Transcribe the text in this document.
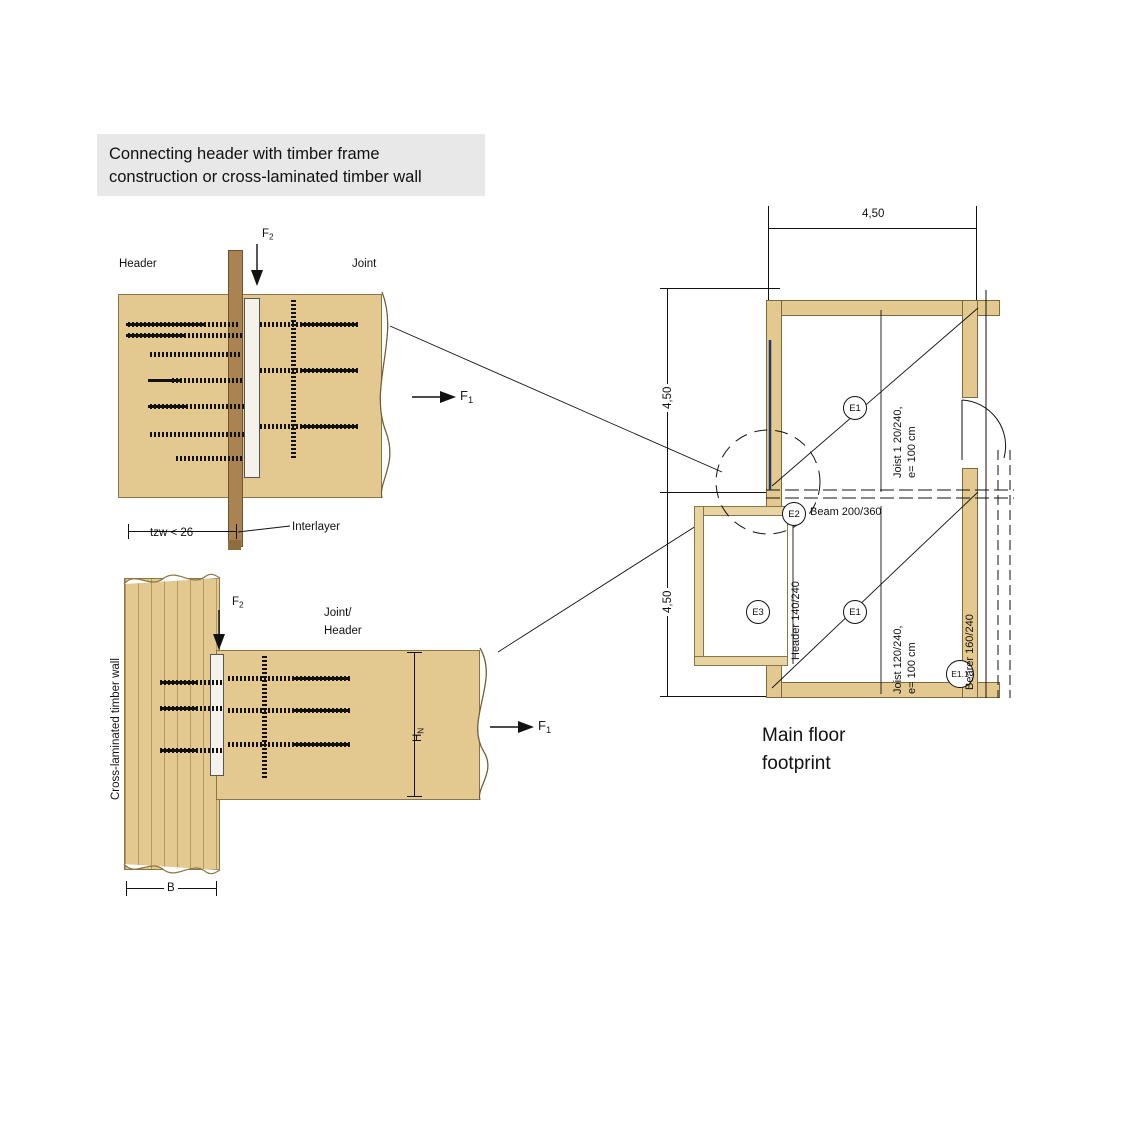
Connecting header with timber frame
construction or cross-laminated timber wall
Header	Joint
$F_2$
tzw < 26	Interlayer
$F_1$
Cross-laminated timber wall
$F_2$
Joint/
Header
$H_N$	$F_1$
B
4,50
4,50
4,50
E1
E1
E2
E3
E1.1
Joist 1 20/240, e= 100 cm
Joist 120/240, e= 100 cm
Beam 200/360
Header 140/240	Bearer 160/240
Main floor
footprint
